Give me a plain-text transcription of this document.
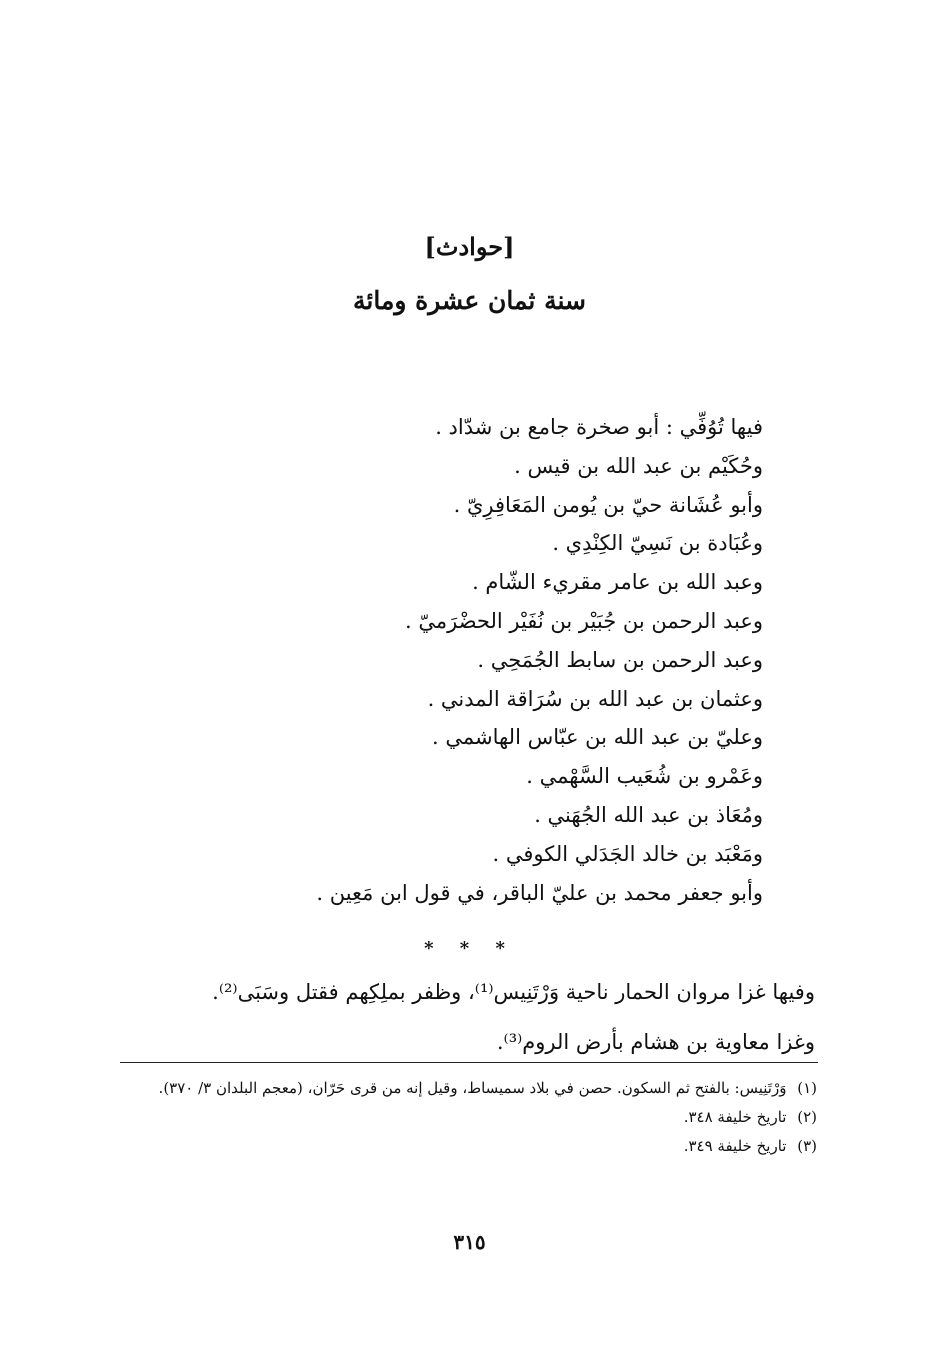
[حوادث]
سنة ثمان عشرة ومائة
فيها تُوُفِّي : أبو صخرة جامع بن شدّاد .
وحُكَيْم بن عبد الله بن قيس .
وأبو عُشَانة حيّ بن يُومن المَعَافِرِيّ .
وعُبَادة بن نَسِيّ الكِنْدِي .
وعبد الله بن عامر مقريء الشّام .
وعبد الرحمن بن جُبَيْر بن نُفَيْر الحضْرَميّ .
وعبد الرحمن بن سابط الجُمَحِي .
وعثمان بن عبد الله بن سُرَاقة المدني .
وعليّ بن عبد الله بن عبّاس الهاشمي .
وعَمْرو بن شُعَيب السَّهْمي .
ومُعَاذ بن عبد الله الجُهَني .
ومَعْبَد بن خالد الجَدَلي الكوفي .
وأبو جعفر محمد بن عليّ الباقر، في قول ابن مَعِين .
* * *

وفيها غزا مروان الحمار ناحية وَرْتَنِيس⁽¹⁾، وظفر بملِكِهم فقتل وسَبَى⁽²⁾.

وغزا معاوية بن هشام بأرض الروم⁽³⁾.

(١) وَرْتَنِيس: بالفتح ثم السكون. حصن في بلاد سميساط، وقيل إنه من قرى حَرّان، (معجم البلدان ٣/ ٣٧٠).
(٢) تاريخ خليفة ٣٤٨.
(٣) تاريخ خليفة ٣٤٩.
٣١٥
